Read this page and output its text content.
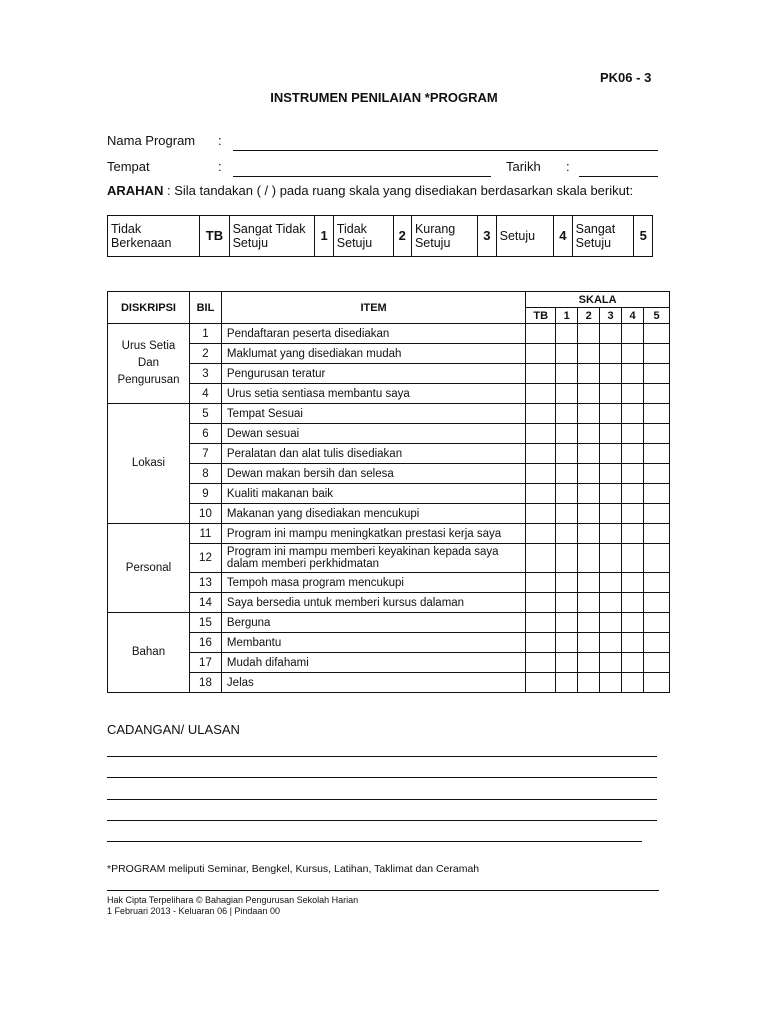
PK06 - 3
INSTRUMEN PENILAIAN *PROGRAM
Nama Program :
Tempat	:	Tarikh :
ARAHAN : Sila tandakan ( / ) pada ruang skala yang disediakan berdasarkan skala berikut:
Tidak Berkenaan	TB	Sangat Tidak Setuju	1	Tidak Setuju	2	Kurang Setuju	3	Setuju	4	Sangat Setuju	5
DISKRIPSI	BIL	ITEM	SKALA					
			TB	1	2	3	4	5
Urus Setia Dan Pengurusan	1	Pendaftaran peserta disediakan						
	2	Maklumat yang disediakan mudah						
	3	Pengurusan teratur						
	4	Urus setia sentiasa membantu saya						
Lokasi	5	Tempat Sesuai						
	6	Dewan sesuai						
	7	Peralatan dan alat tulis disediakan						
	8	Dewan makan bersih dan selesa						
	9	Kualiti makanan baik						
	10	Makanan yang disediakan mencukupi						
Personal	11	Program ini mampu meningkatkan prestasi kerja saya						
	12	Program ini mampu memberi keyakinan kepada saya dalam memberi perkhidmatan						
	13	Tempoh masa program mencukupi						
	14	Saya bersedia untuk memberi kursus dalaman						
Bahan	15	Berguna						
	16	Membantu						
	17	Mudah difahami						
	18	Jelas						
CADANGAN/ ULASAN
*PROGRAM meliputi Seminar, Bengkel, Kursus, Latihan, Taklimat dan Ceramah
Hak Cipta Terpelihara © Bahagian Pengurusan Sekolah Harian
1 Februari 2013 - Keluaran 06 | Pindaan 00
